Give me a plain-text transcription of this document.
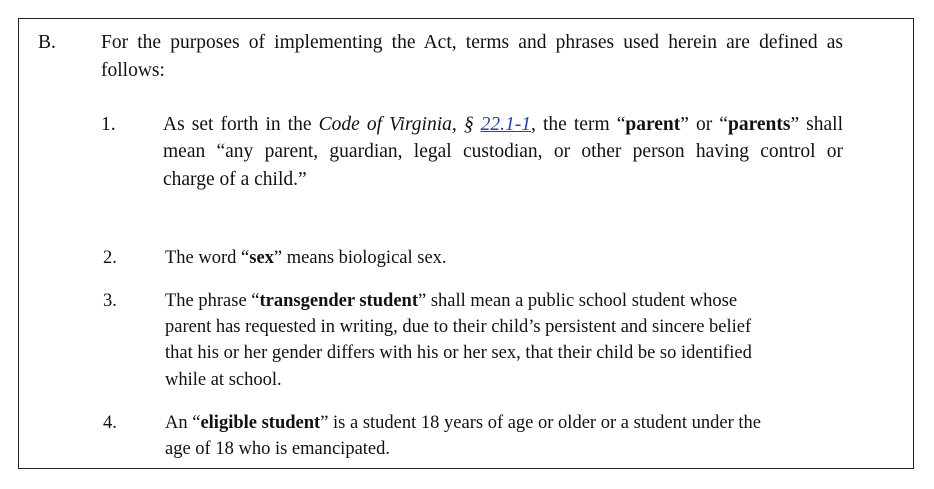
B. For the purposes of implementing the Act, terms and phrases used herein are defined as
follows:
1. As set forth in the Code of Virginia, § 22.1-1, the term “parent” or “parents” shall
mean “any parent, guardian, legal custodian, or other person having control or
charge of a child.”
2.	The word “sex” means biological sex.
3.	The phrase “transgender student” shall mean a public school student whose
parent has requested in writing, due to their child’s persistent and sincere belief
that his or her gender differs with his or her sex, that their child be so identified
while at school.
4.	An “eligible student” is a student 18 years of age or older or a student under the
age of 18 who is emancipated.
